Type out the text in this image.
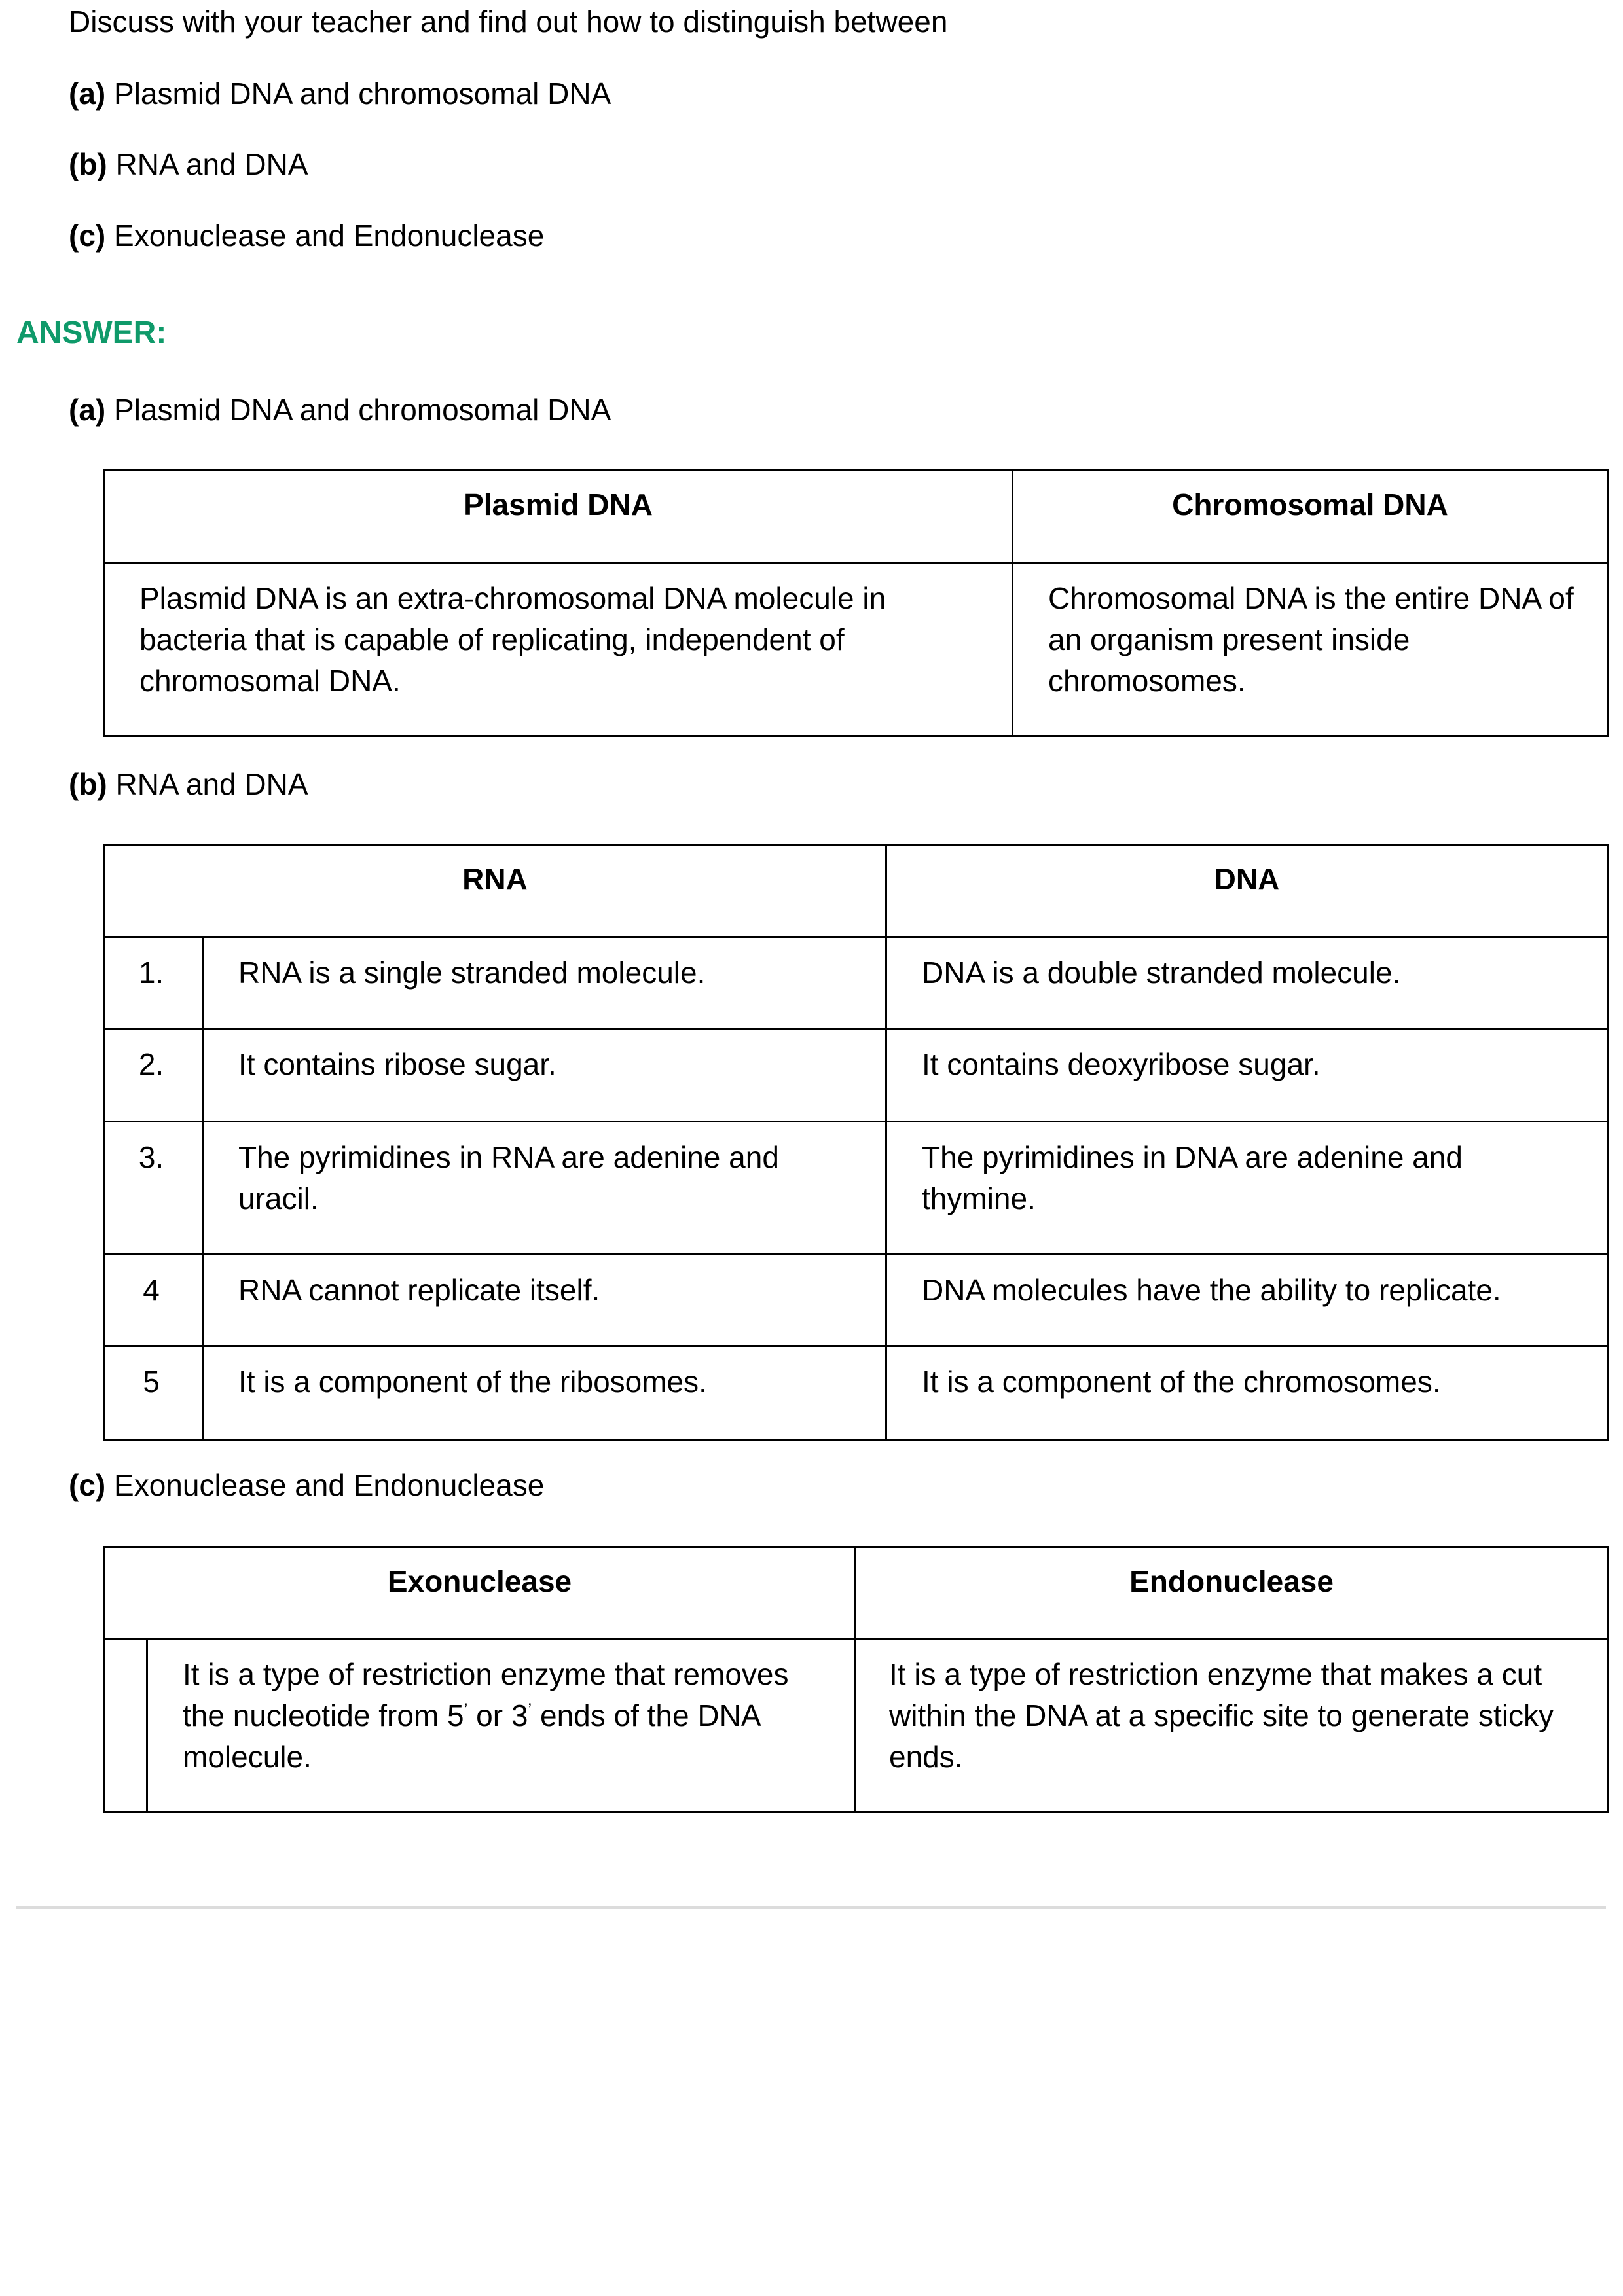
Discuss with your teacher and find out how to distinguish between
(a) Plasmid DNA and chromosomal DNA
(b) RNA and DNA
(c) Exonuclease and Endonuclease
ANSWER:
(a) Plasmid DNA and chromosomal DNA
Plasmid DNA	Chromosomal DNA

Plasmid DNA is an extra-chromosomal DNA molecule in bacteria that is capable of replicating, independent of chromosomal DNA.	Chromosomal DNA is the entire DNA of an organism present inside chromosomes.
(b) RNA and DNA
RNA		DNA

1.	RNA is a single stranded molecule.	DNA is a double stranded molecule.

2.	It contains ribose sugar.	It contains deoxyribose sugar.

3.	The pyrimidines in RNA are adenine and uracil.	The pyrimidines in DNA are adenine and thymine.

4	RNA cannot replicate itself.	DNA molecules have the ability to replicate.

5	It is a component of the ribosomes.	It is a component of the chromosomes.
(c) Exonuclease and Endonuclease
Exonuclease		Endonuclease

	It is a type of restriction enzyme that removes the nucleotide from 5’ or 3’ ends of the DNA molecule.	It is a type of restriction enzyme that makes a cut within the DNA at a specific site to generate sticky ends.
